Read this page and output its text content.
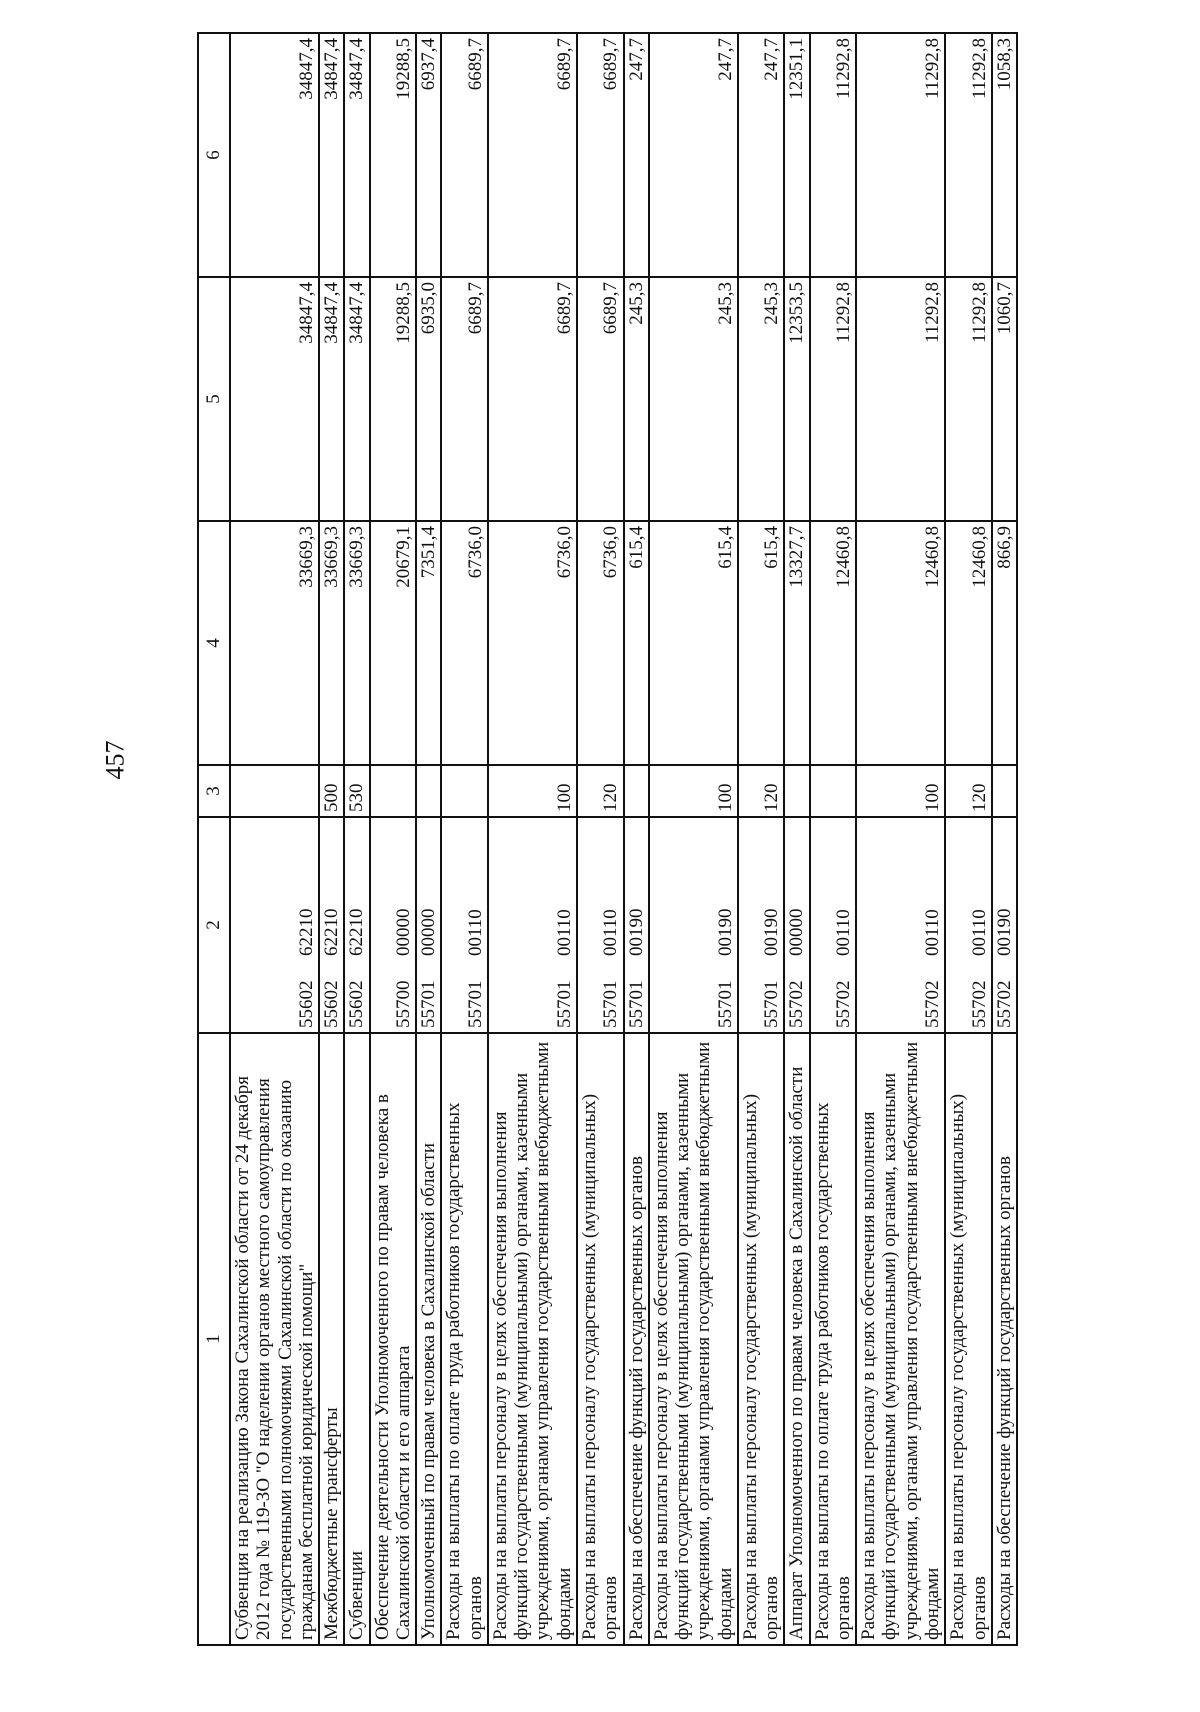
457
1	2	3	4	5	6
Субвенция на реализацию Закона Сахалинской области от 24 декабря 2012 года № 119-ЗО "О наделении органов местного самоуправления государственными полномочиями Сахалинской области по оказанию гражданам бесплатной юридической помощи"	5560262210		33669,3	34847,4	34847,4
Межбюджетные трансферты	5560262210	500	33669,3	34847,4	34847,4
Субвенции	5560262210	530	33669,3	34847,4	34847,4
Обеспечение деятельности Уполномоченного по правам человека в Сахалинской области и его аппарата	5570000000		20679,1	19288,5	19288,5
Уполномоченный по правам человека в Сахалинской области	5570100000		7351,4	6935,0	6937,4
Расходы на выплаты по оплате труда работников государственных органов	5570100110		6736,0	6689,7	6689,7
Расходы на выплаты персоналу в целях обеспечения выполнения функций государственными (муниципальными) органами, казенными учреждениями, органами управления государственными внебюджетными фондами	5570100110	100	6736,0	6689,7	6689,7
Расходы на выплаты персоналу государственных (муниципальных) органов	5570100110	120	6736,0	6689,7	6689,7
Расходы на обеспечение функций государственных органов	5570100190		615,4	245,3	247,7
Расходы на выплаты персоналу в целях обеспечения выполнения функций государственными (муниципальными) органами, казенными учреждениями, органами управления государственными внебюджетными фондами	5570100190	100	615,4	245,3	247,7
Расходы на выплаты персоналу государственных (муниципальных) органов	5570100190	120	615,4	245,3	247,7
Аппарат Уполномоченного по правам человека в Сахалинской области	5570200000		13327,7	12353,5	12351,1
Расходы на выплаты по оплате труда работников государственных органов	5570200110		12460,8	11292,8	11292,8
Расходы на выплаты персоналу в целях обеспечения выполнения функций государственными (муниципальными) органами, казенными учреждениями, органами управления государственными внебюджетными фондами	5570200110	100	12460,8	11292,8	11292,8
Расходы на выплаты персоналу государственных (муниципальных) органов	5570200110	120	12460,8	11292,8	11292,8
Расходы на обеспечение функций государственных органов	5570200190		866,9	1060,7	1058,3
